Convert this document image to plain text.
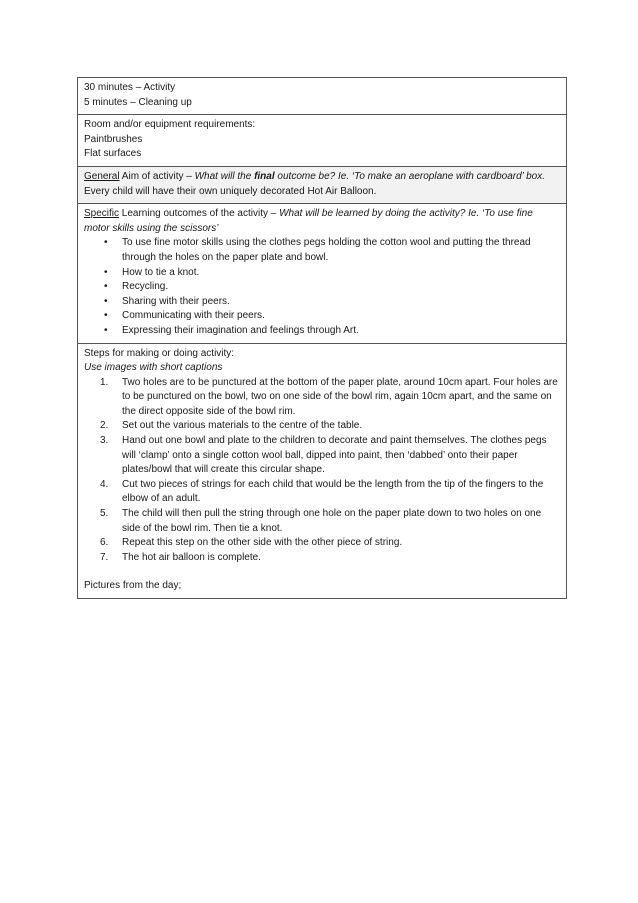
30 minutes – Activity
5 minutes – Cleaning up

Room and/or equipment requirements:
Paintbrushes
Flat surfaces

General Aim of activity – What will the final outcome be? Ie. ‘To make an aeroplane with cardboard’ box.
Every child will have their own uniquely decorated Hot Air Balloon.

Specific Learning outcomes of the activity – What will be learned by doing the activity? Ie. ‘To use fine motor skills using the scissors’
• To use fine motor skills using the clothes pegs holding the cotton wool and putting the thread through the holes on the paper plate and bowl.
• How to tie a knot.
• Recycling.
• Sharing with their peers.
• Communicating with their peers.
• Expressing their imagination and feelings through Art.

Steps for making or doing activity:
Use images with short captions
1. Two holes are to be punctured at the bottom of the paper plate, around 10cm apart. Four holes are to be punctured on the bowl, two on one side of the bowl rim, again 10cm apart, and the same on the direct opposite side of the bowl rim.
2. Set out the various materials to the centre of the table.
3. Hand out one bowl and plate to the children to decorate and paint themselves. The clothes pegs will ‘clamp’ onto a single cotton wool ball, dipped into paint, then ‘dabbed’ onto their paper plates/bowl that will create this circular shape.
4. Cut two pieces of strings for each child that would be the length from the tip of the fingers to the elbow of an adult.
5. The child will then pull the string through one hole on the paper plate down to two holes on one side of the bowl rim. Then tie a knot.
6. Repeat this step on the other side with the other piece of string.
7. The hot air balloon is complete.
Pictures from the day;
